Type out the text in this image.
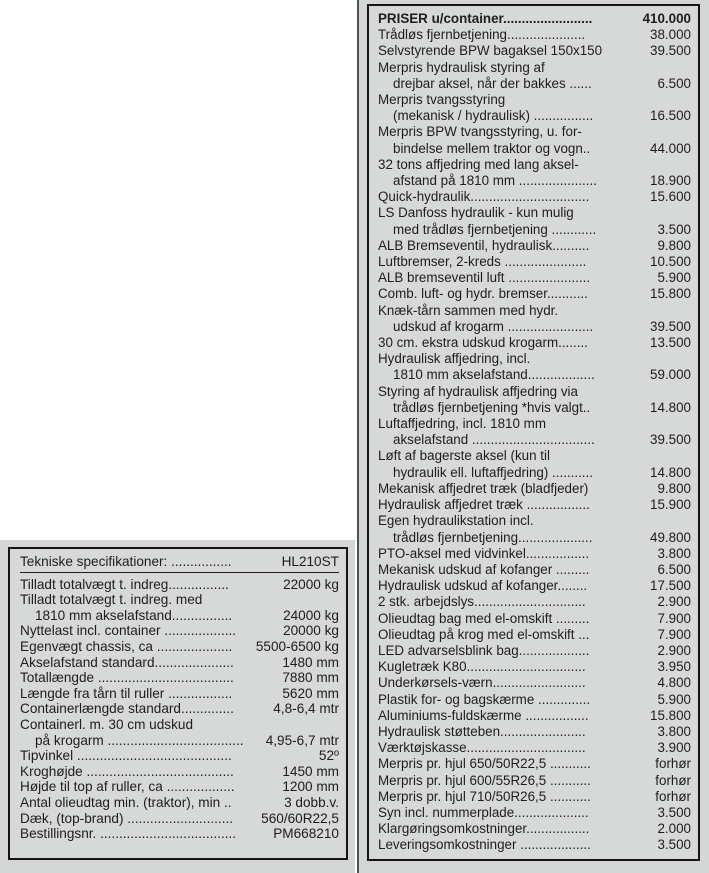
Tekniske specifikationer: ................	HL210ST
Tilladt totalvægt t. indreg................	22000 kg
Tilladt totalvægt t. indreg. med
1810 mm akselafstand................	24000 kg
Nyttelast incl. container ...................	20000 kg
Egenvægt chassis, ca ....................	5500-6500 kg
Akselafstand standard.....................	1480 mm
Totallængde ....................................	7880 mm
Længde fra tårn til ruller .................	5620 mm
Containerlængde standard..............	4,8-6,4 mtr
Containerl. m. 30 cm udskud
på krogarm ....................................	4,95-6,7 mtr
Tipvinkel .........................................	52º
Kroghøjde .......................................	1450 mm
Højde til top af ruller, ca ..................	1200 mm
Antal olieudtag min. (traktor), min ..	3 dobb.v.
Dæk, (top-brand) ............................	560/60R22,5
Bestillingsnr. ....................................	PM668210
PRISER u/container........................	410.000
Trådløs fjernbetjening.....................	38.000
Selvstyrende BPW bagaksel 150x150	39.500
Merpris hydraulisk styring af
drejbar aksel, når der bakkes ......	6.500
Merpris tvangsstyring
(mekanisk / hydraulisk) ................	16.500
Merpris BPW tvangsstyring, u. for-
bindelse mellem traktor og vogn..	44.000
32 tons affjedring med lang aksel-
afstand på 1810 mm .....................	18.900
Quick-hydraulik................................	15.600
LS Danfoss hydraulik - kun mulig
med trådløs fjernbetjening ............	3.500
ALB Bremseventil, hydraulisk..........	9.800
Luftbremser, 2-kreds ......................	10.500
ALB bremseventil luft ......................	5.900
Comb. luft- og hydr. bremser...........	15.800
Knæk-tårn sammen med hydr.
udskud af krogarm .......................	39.500
30 cm. ekstra udskud krogarm........	13.500
Hydraulisk affjedring, incl.
1810 mm akselafstand..................	59.000
Styring af hydraulisk affjedring via
trådløs fjernbetjening *hvis valgt..	14.800
Luftaffjedring, incl. 1810 mm
akselafstand .................................	39.500
Løft af bagerste aksel (kun til
hydraulik ell. luftaffjedring) ...........	14.800
Mekanisk affjedret træk (bladfjeder)	9.800
Hydraulisk affjedret træk .................	15.900
Egen hydraulikstation incl.
trådløs fjernbetjening....................	49.800
PTO-aksel med vidvinkel.................	3.800
Mekanisk udskud af kofanger .........	6.500
Hydraulisk udskud af kofanger........	17.500
2 stk. arbejdslys..............................	2.900
Olieudtag bag med el-omskift .........	7.900
Olieudtag på krog med el-omskift ...	7.900
LED advarselsblink bag...................	2.900
Kugletræk K80................................	3.950
Underkørsels-værn.........................	4.800
Plastik for- og bagskærme ..............	5.900
Aluminiums-fuldskærme .................	15.800
Hydraulisk støtteben.......................	3.800
Værktøjskasse................................	3.900
Merpris pr. hjul 650/50R22,5 ...........	forhør
Merpris pr. hjul 600/55R26,5 ...........	forhør
Merpris pr. hjul 710/50R26,5 ...........	forhør
Syn incl. nummerplade....................	3.500
Klargøringsomkostninger.................	2.000
Leveringsomkostninger ...................	3.500
